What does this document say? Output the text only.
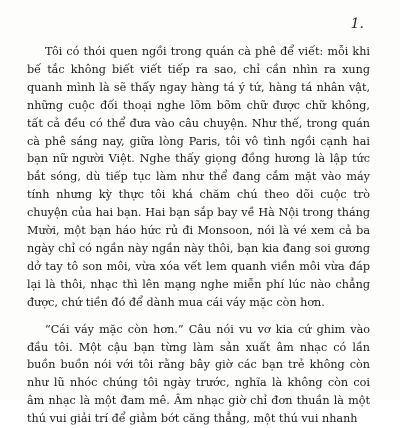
1.

Tôi có thói quen ngồi trong quán cà phê để viết: mỗi khi bế tắc không biết viết tiếp ra sao, chỉ cần nhìn ra xung quanh mình là sẽ thấy ngay hàng tá ý tứ, hàng tá nhân vật, những cuộc đối thoại nghe lõm bõm chữ được chữ không, tất cả đều có thể đưa vào câu chuyện. Như thế, trong quán cà phê sáng nay, giữa lòng Paris, tôi vô tình ngồi cạnh hai bạn nữ người Việt. Nghe thấy giọng đồng hương là lập tức bắt sóng, dù tiếp tục làm như thể đang cắm mặt vào máy tính nhưng kỳ thực tôi khá chăm chú theo dõi cuộc trò chuyện của hai bạn. Hai bạn sắp bay về Hà Nội trong tháng Mười, một bạn háo hức rủ đi Monsoon, nói là vé xem cả ba ngày chỉ có ngần này ngần này thôi, bạn kia đang soi gương dở tay tô son môi, vừa xóa vết lem quanh viền môi vừa đáp lại là thôi, nhạc thì lên mạng nghe miễn phí lúc nào chẳng được, chứ tiền đó để dành mua cái váy mặc còn hơn.

“Cái váy mặc còn hơn.” Câu nói vu vơ kia cứ ghim vào đầu tôi. Một cậu bạn từng làm sản xuất âm nhạc có lần buồn buồn nói với tôi rằng bây giờ các bạn trẻ không còn như lũ nhóc chúng tôi ngày trước, nghĩa là không còn coi âm nhạc là một đam mê. Âm nhạc giờ chỉ đơn thuần là một thú vui giải trí để giảm bớt căng thẳng, một thú vui nhanh
